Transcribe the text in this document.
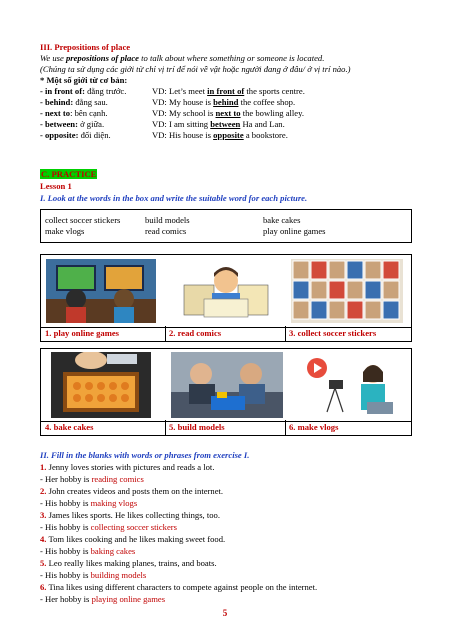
III. Prepositions of place
We use prepositions of place to talk about where something or someone is located.
(Chúng ta sử dụng các giới từ chỉ vị trí để nói về vật hoặc người đang ở đâu/ ở vị trí nào.)
* Một số giới từ cơ bản:
- in front of: đằng trước.	VD: Let’s meet in front of the sports centre.
- behind: đằng sau.	VD: My house is behind the coffee shop.
- next to: bên cạnh.	VD: My school is next to the bowling alley.
- between: ở giữa.	VD: I am sitting between Ha and Lan.
- opposite: đối diện.	VD: His house is opposite a bookstore.
C. PRACTICE
Lesson 1
I. Look at the words in the box and write the suitable word for each picture.
collect soccer stickers	build models	bake cakes
make vlogs	read comics	play online games
1. play online games	2. read comics	3. collect soccer stickers
4. bake cakes	5. build models	6. make vlogs
II. Fill in the blanks with words or phrases from exercise I.
1. Jenny loves stories with pictures and reads a lot.
- Her hobby is reading comics
2. John creates videos and posts them on the internet.
- His hobby is making vlogs
3. James likes sports. He likes collecting things, too.
- His hobby is collecting soccer stickers
4. Tom likes cooking and he likes making sweet food.
- His hobby is baking cakes
5. Leo really likes making planes, trains, and boats.
- His hobby is building models
6. Tina likes using different characters to compete against people on the internet.
- Her hobby is playing online games
5
